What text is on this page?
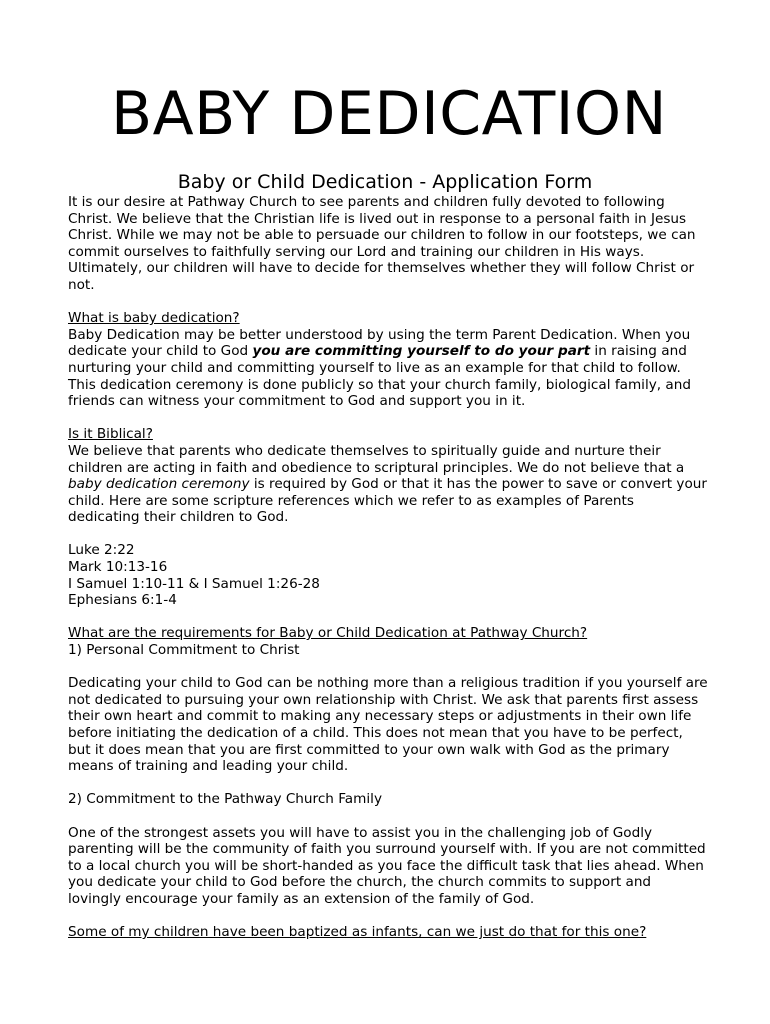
BABY DEDICATION
Baby or Child Dedication - Application Form

It is our desire at Pathway Church to see parents and children fully devoted to following Christ. We believe that the Christian life is lived out in response to a personal faith in Jesus Christ. While we may not be able to persuade our children to follow in our footsteps, we can commit ourselves to faithfully serving our Lord and training our children in His ways. Ultimately, our children will have to decide for themselves whether they will follow Christ or not.

What is baby dedication?

Baby Dedication may be better understood by using the term Parent Dedication. When you dedicate your child to God you are committing yourself to do your part in raising and nurturing your child and committing yourself to live as an example for that child to follow. This dedication ceremony is done publicly so that your church family, biological family, and friends can witness your commitment to God and support you in it.

Is it Biblical?

We believe that parents who dedicate themselves to spiritually guide and nurture their children are acting in faith and obedience to scriptural principles. We do not believe that a baby dedication ceremony is required by God or that it has the power to save or convert your child. Here are some scripture references which we refer to as examples of Parents dedicating their children to God.

Luke 2:22

Mark 10:13-16

I Samuel 1:10-11 & I Samuel 1:26-28

Ephesians 6:1-4

What are the requirements for Baby or Child Dedication at Pathway Church?

1) Personal Commitment to Christ

Dedicating your child to God can be nothing more than a religious tradition if you yourself are not dedicated to pursuing your own relationship with Christ. We ask that parents first assess their own heart and commit to making any necessary steps or adjustments in their own life before initiating the dedication of a child. This does not mean that you have to be perfect, but it does mean that you are first committed to your own walk with God as the primary means of training and leading your child.

2) Commitment to the Pathway Church Family

One of the strongest assets you will have to assist you in the challenging job of Godly parenting will be the community of faith you surround yourself with. If you are not committed to a local church you will be short-handed as you face the difficult task that lies ahead. When you dedicate your child to God before the church, the church commits to support and lovingly encourage your family as an extension of the family of God.

Some of my children have been baptized as infants, can we just do that for this one?
